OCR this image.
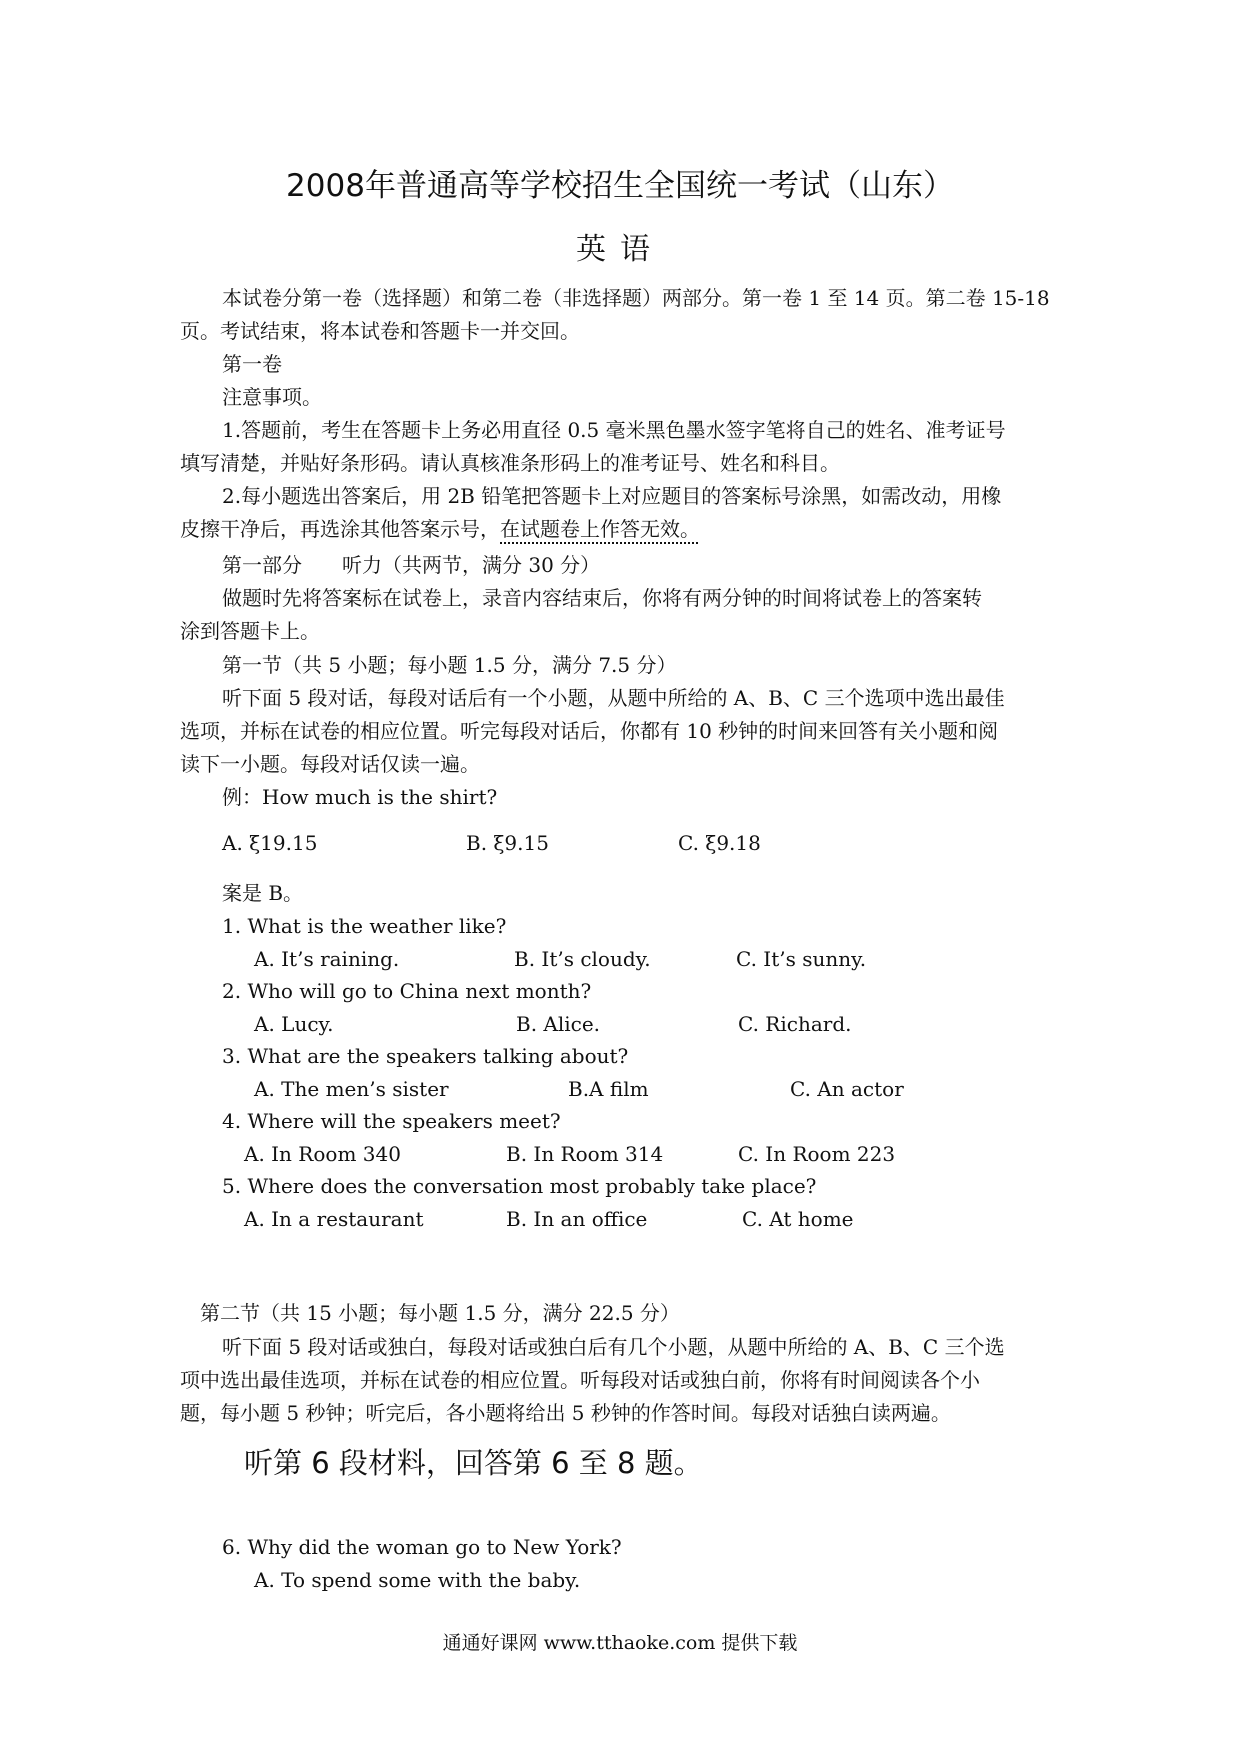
2008年普通高等学校招生全国统一考试（山东）
英语
本试卷分第一卷（选择题）和第二卷（非选择题）两部分。第一卷 1 至 14 页。第二卷 15-18
页。考试结束，将本试卷和答题卡一并交回。
第一卷
注意事项。
1.答题前，考生在答题卡上务必用直径 0.5 毫米黑色墨水签字笔将自己的姓名、准考证号
填写清楚，并贴好条形码。请认真核准条形码上的准考证号、姓名和科目。
2.每小题选出答案后，用 2B 铅笔把答题卡上对应题目的答案标号涂黑，如需改动，用橡
皮擦干净后，再选涂其他答案示号，在试题卷上作答无效。
第一部分　　听力（共两节，满分 30 分）
做题时先将答案标在试卷上，录音内容结束后，你将有两分钟的时间将试卷上的答案转
涂到答题卡上。
第一节（共 5 小题；每小题 1.5 分，满分 7.5 分）
听下面 5 段对话，每段对话后有一个小题，从题中所给的 A、B、C 三个选项中选出最佳
选项，并标在试卷的相应位置。听完每段对话后，你都有 10 秒钟的时间来回答有关小题和阅
读下一小题。每段对话仅读一遍。
例：How much is the shirt?
A. ξ19.15	B. ξ9.15	C. ξ9.18
案是 B。
1. What is the weather like?
A. It’s raining.	B. It’s cloudy.	C. It’s sunny.
2. Who will go to China next month?
A. Lucy.	B. Alice.	C. Richard.
3. What are the speakers talking about?
A. The men’s sister	B.A film	C. An actor
4. Where will the speakers meet?
A. In Room 340	B. In Room 314	C. In Room 223
5. Where does the conversation most probably take place?
A. In a restaurant	B. In an office	C. At home
第二节（共 15 小题；每小题 1.5 分，满分 22.5 分）
听下面 5 段对话或独白，每段对话或独白后有几个小题，从题中所给的 A、B、C 三个选
项中选出最佳选项，并标在试卷的相应位置。听每段对话或独白前，你将有时间阅读各个小
题，每小题 5 秒钟；听完后，各小题将给出 5 秒钟的作答时间。每段对话独白读两遍。
听第 6 段材料，回答第 6 至 8 题。
6. Why did the woman go to New York?
A. To spend some with the baby.
通通好课网 www.tthaoke.com 提供下载
